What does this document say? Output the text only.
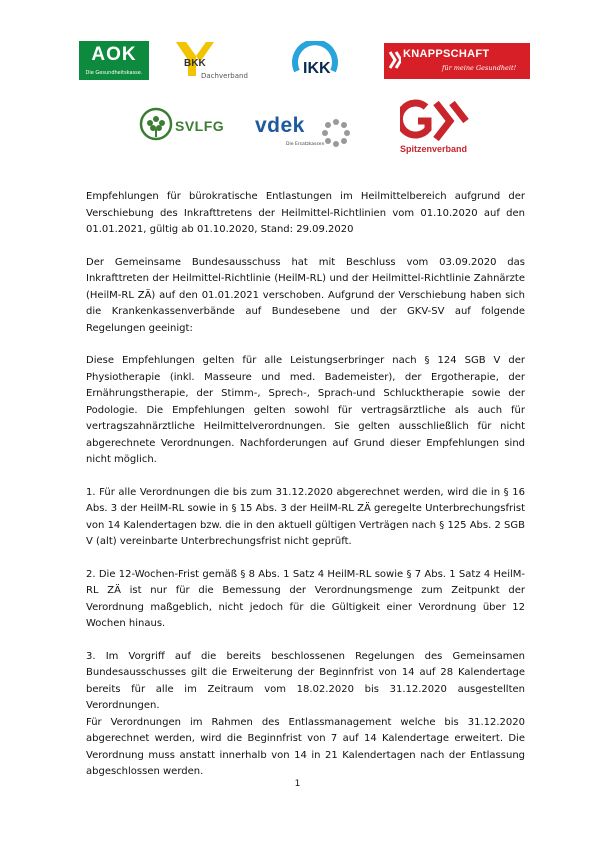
AOK
Die Gesundheitskasse.
BKK
Dachverband	IKK
KNAPPSCHAFT
für meine Gesundheit!
SVLFG vdek
Die Ersatzkassen	Spitzenverband

Empfehlungen für bürokratische Entlastungen im Heilmittelbereich aufgrund der Verschiebung des Inkrafttretens der Heilmittel-Richtlinien vom 01.10.2020 auf den 01.01.2021, gültig ab 01.10.2020, Stand: 29.09.2020

Der Gemeinsame Bundesausschuss hat mit Beschluss vom 03.09.2020 das Inkrafttreten der Heilmittel-Richtlinie (HeilM-RL) und der Heilmittel-Richtlinie Zahnärzte (HeilM-RL ZÄ) auf den 01.01.2021 verschoben. Aufgrund der Verschiebung haben sich die Krankenkassenverbände auf Bundesebene und der GKV-SV auf folgende Regelungen geeinigt:

Diese Empfehlungen gelten für alle Leistungserbringer nach § 124 SGB V der Physiotherapie (inkl. Masseure und med. Bademeister), der Ergotherapie, der Ernährungstherapie, der Stimm-, Sprech-, Sprach-und Schlucktherapie sowie der Podologie. Die Empfehlungen gelten sowohl für vertragsärztliche als auch für vertragszahnärztliche Heilmittelverordnungen. Sie gelten ausschließlich für nicht abgerechnete Verordnungen. Nachforderungen auf Grund dieser Empfehlungen sind nicht möglich.

1. Für alle Verordnungen die bis zum 31.12.2020 abgerechnet werden, wird die in § 16 Abs. 3 der HeilM-RL sowie in § 15 Abs. 3 der HeilM-RL ZÄ geregelte Unterbrechungsfrist von 14 Kalendertagen bzw. die in den aktuell gültigen Verträgen nach § 125 Abs. 2 SGB V (alt) vereinbarte Unterbrechungsfrist nicht geprüft.

2. Die 12-Wochen-Frist gemäß § 8 Abs. 1 Satz 4 HeilM-RL sowie § 7 Abs. 1 Satz 4 HeilM-RL ZÄ ist nur für die Bemessung der Verordnungsmenge zum Zeitpunkt der Verordnung maßgeblich, nicht jedoch für die Gültigkeit einer Verordnung über 12 Wochen hinaus.

3. Im Vorgriff auf die bereits beschlossenen Regelungen des Gemeinsamen Bundesausschusses gilt die Erweiterung der Beginnfrist von 14 auf 28 Kalendertage bereits für alle im Zeitraum vom 18.02.2020 bis 31.12.2020 ausgestellten Verordnungen.

Für Verordnungen im Rahmen des Entlassmanagement welche bis 31.12.2020 abgerechnet werden, wird die Beginnfrist von 7 auf 14 Kalendertage erweitert. Die Verordnung muss anstatt innerhalb von 14 in 21 Kalendertagen nach der Entlassung abgeschlossen werden.

1
